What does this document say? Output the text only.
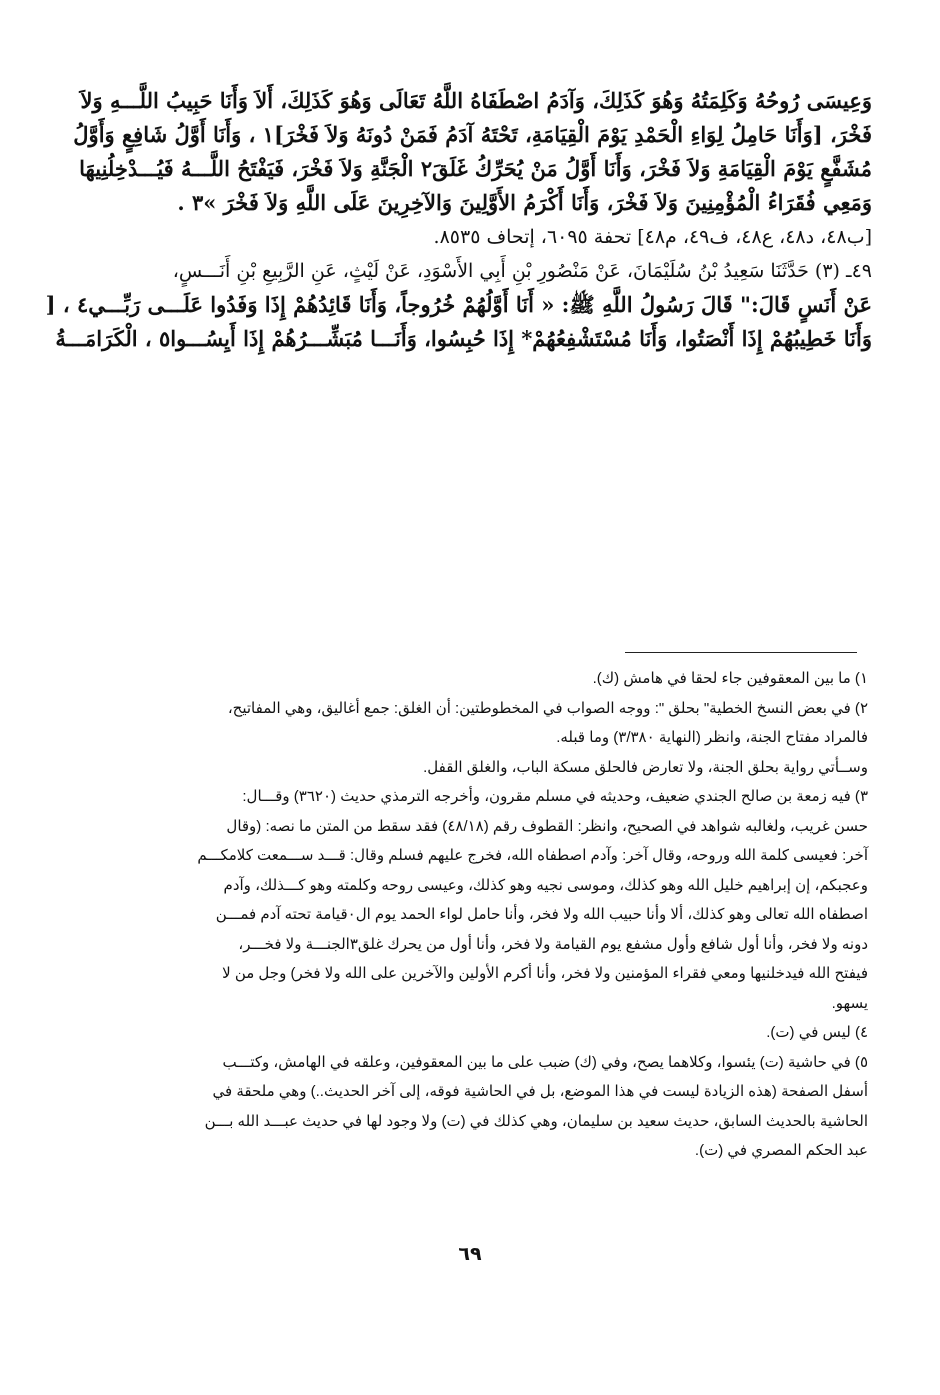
وَعِيسَى رُوحُهُ وَكَلِمَتُهُ وَهُوَ كَذَلِكَ، وَآدَمُ اصْطَفَاهُ اللَّهُ تَعَالَى وَهُوَ كَذَلِكَ، أَلاَ وَأَنَا حَبِيبُ اللَّـــهِ وَلاَ
فَخْرَ، [وَأَنَا حَامِلُ لِوَاءِ الْحَمْدِ يَوْمَ الْقِيَامَةِ، تَحْتَهُ آدَمُ فَمَنْ دُونَهُ وَلاَ فَخْرَ]١ ، وَأَنَا أَوَّلُ شَافِعٍ وَأَوَّلُ
مُشَفَّعٍ يَوْمَ الْقِيَامَةِ وَلاَ فَخْرَ، وَأَنَا أَوَّلُ مَنْ يُحَرِّكُ غَلَقَ٢ الْجَنَّةِ وَلاَ فَخْرَ، فَيَفْتَحُ اللَّـــهُ فَيُـــدْخِلُنِيهَا
وَمَعِي فُقَرَاءُ الْمُؤْمِنِينَ وَلاَ فَخْرَ، وَأَنَا أَكْرَمُ الأَوَّلِينَ وَالآخِرِينَ عَلَى اللَّهِ وَلاَ فَخْرَ »٣ .
[ب٤٨، د٤٨، ع٤٨، ف٤٩، م٤٨] تحفة ٦٠٩٥، إتحاف ٨٥٣٥.
٤٩ـ (٣) حَدَّثَنَا سَعِيدُ بْنُ سُلَيْمَانَ، عَنْ مَنْصُورِ بْنِ أَبِي الأَسْوَدِ، عَنْ لَيْثٍ، عَنِ الرَّبِيعِ بْنِ أَنَـــسٍ،
عَنْ أَنَسٍ قَالَ:" قَالَ رَسُولُ اللَّهِ ﷺ: « أَنَا أَوَّلُهُمْ خُرُوجاً، وَأَنَا قَائِدُهُمْ إِذَا وَفَدُوا عَلَـــى رَبِّـــي٤ ، [
وَأَنَا خَطِيبُهُمْ إِذَا أَنْصَتُوا، وَأَنَا مُسْتَشْفِعُهُمْ* إِذَا حُبِسُوا، وَأَنَـــا مُبَشِّـــرُهُمْ إِذَا أَيِسُـــوا٥ ، الْكَرَامَـــةُ
١) ما بين المعقوفين جاء لحقا في هامش (ك).
٢) في بعض النسخ الخطية" بحلق ": ووجه الصواب في المخطوطتين: أن الغلق: جمع أغاليق، وهي المفاتيح،
فالمراد مفتاح الجنة، وانظر (النهاية ٣/٣٨٠) وما قبله.
وســأتي رواية بحلق الجنة، ولا تعارض فالحلق مسكة الباب، والغلق القفل.
٣) فيه زمعة بن صالح الجندي ضعيف، وحديثه في مسلم مقرون، وأخرجه الترمذي حديث (٣٦٢٠) وقـــال:
حسن غريب، ولغالبه شواهد في الصحيح، وانظر: القطوف رقم (٤٨/١٨) فقد سقط من المتن ما نصه: (وقال
آخر: فعيسى كلمة الله وروحه، وقال آخر: وآدم اصطفاه الله، فخرج عليهم فسلم وقال: قـــد ســـمعت كلامكـــم
وعجبكم، إن إبراهيم خليل الله وهو كذلك، وموسى نجيه وهو كذلك، وعيسى روحه وكلمته وهو كـــذلك، وآدم
اصطفاه الله تعالى وهو كذلك، ألا وأنا حبيب الله ولا فخر، وأنا حامل لواء الحمد يوم ال٠قيامة تحته آدم فمـــن
دونه ولا فخر، وأنا أول شافع وأول مشفع يوم القيامة ولا فخر، وأنا أول من يحرك غلق٣الجنـــة ولا فخـــر،
فيفتح الله فيدخلنيها ومعي فقراء المؤمنين ولا فخر، وأنا أكرم الأولين والآخرين على الله ولا فخر) وجل من لا
يسهو.
٤) ليس في (ت).
٥) في حاشية (ت) يئسوا، وكلاهما يصح، وفي (ك) ضبب على ما بين المعقوفين، وعلقه في الهامش، وكتـــب
أسفل الصفحة (هذه الزيادة ليست في هذا الموضع، بل في الحاشية فوقه، إلى آخر الحديث..) وهي ملحقة في
الحاشية بالحديث السابق، حديث سعيد بن سليمان، وهي كذلك في (ت) ولا وجود لها في حديث عبـــد الله بـــن
عبد الحكم المصري في (ت).
٦٩
